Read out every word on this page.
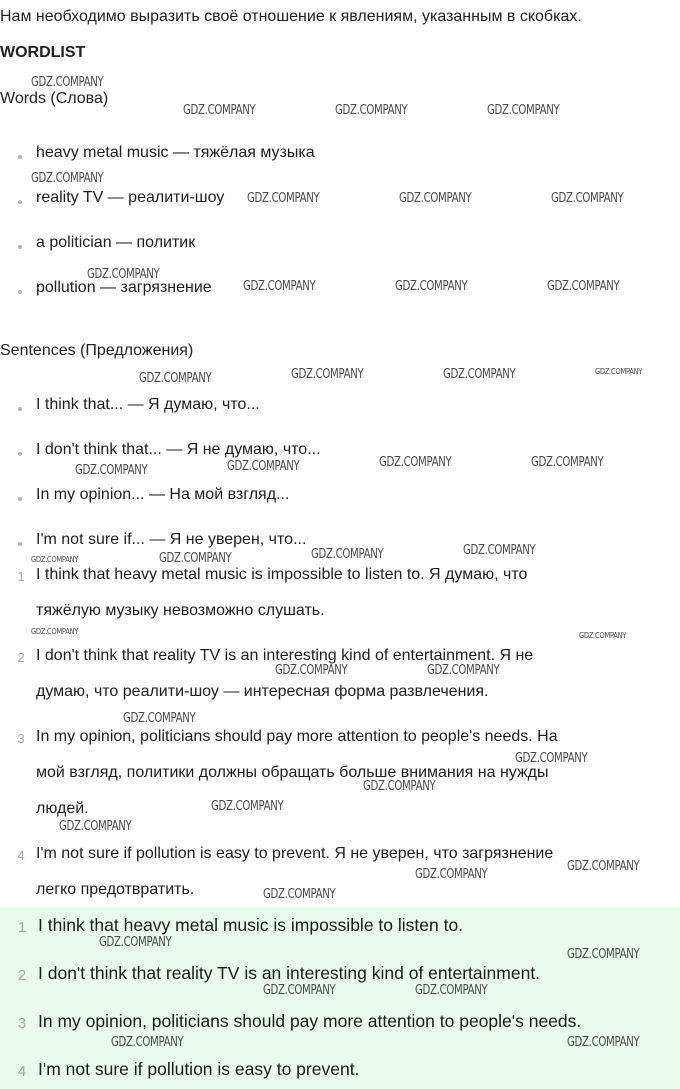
Нам необходимо выразить своё отношение к явлениям, указанным в скобках.
WORDLIST
Words (Слова)
heavy metal music — тяжёлая музыка
reality TV — реалити-шоу
a politician — политик
pollution — загрязнение
Sentences (Предложения)
I think that... — Я думаю, что...
I don't think that... — Я не думаю, что...
In my opinion... — На мой взгляд...
I'm not sure if... — Я не уверен, что...
1 I think that heavy metal music is impossible to listen to. Я думаю, что
тяжёлую музыку невозможно слушать.
2 I don't think that reality TV is an interesting kind of entertainment. Я не
думаю, что реалити-шоу — интересная форма развлечения.
3 In my opinion, politicians should pay more attention to people's needs. На
мой взгляд, политики должны обращать больше внимания на нужды
людей.
4 I'm not sure if pollution is easy to prevent. Я не уверен, что загрязнение
легко предотвратить.
1 I think that heavy metal music is impossible to listen to.
2 I don't think that reality TV is an interesting kind of entertainment.
3 In my opinion, politicians should pay more attention to people's needs.
4 I'm not sure if pollution is easy to prevent.
GDZ.COMPANY
GDZ.COMPANY	GDZ.COMPANY	GDZ.COMPANY
GDZ.COMPANY
GDZ.COMPANY	GDZ.COMPANY	GDZ.COMPANY
GDZ.COMPANY
GDZ.COMPANY	GDZ.COMPANY	GDZ.COMPANY
GDZ.COMPANY	GDZ.COMPANY	GDZ.COMPANY
GDZ.COMPANY	GDZ.COMPANY	GDZ.COMPANY	GDZ.COMPANY
GDZ.COMPANY	GDZ.COMPANY	GDZ.COMPANY
GDZ.COMPANY	GDZ.COMPANY
GDZ.COMPANY
GDZ.COMPANY
GDZ.COMPANY
GDZ.COMPANY
GDZ.COMPANY
GDZ.COMPANY
GDZ.COMPANY
GDZ.COMPANY
GDZ.COMPANY
GDZ.COMPANY
GDZ.COMPANY	GDZ.COMPANY
GDZ.COMPANY	GDZ.COMPANY
GDZ.COMPANY
GDZ.COMPANY
GDZ.COMPANY	GDZ.COMPANY
